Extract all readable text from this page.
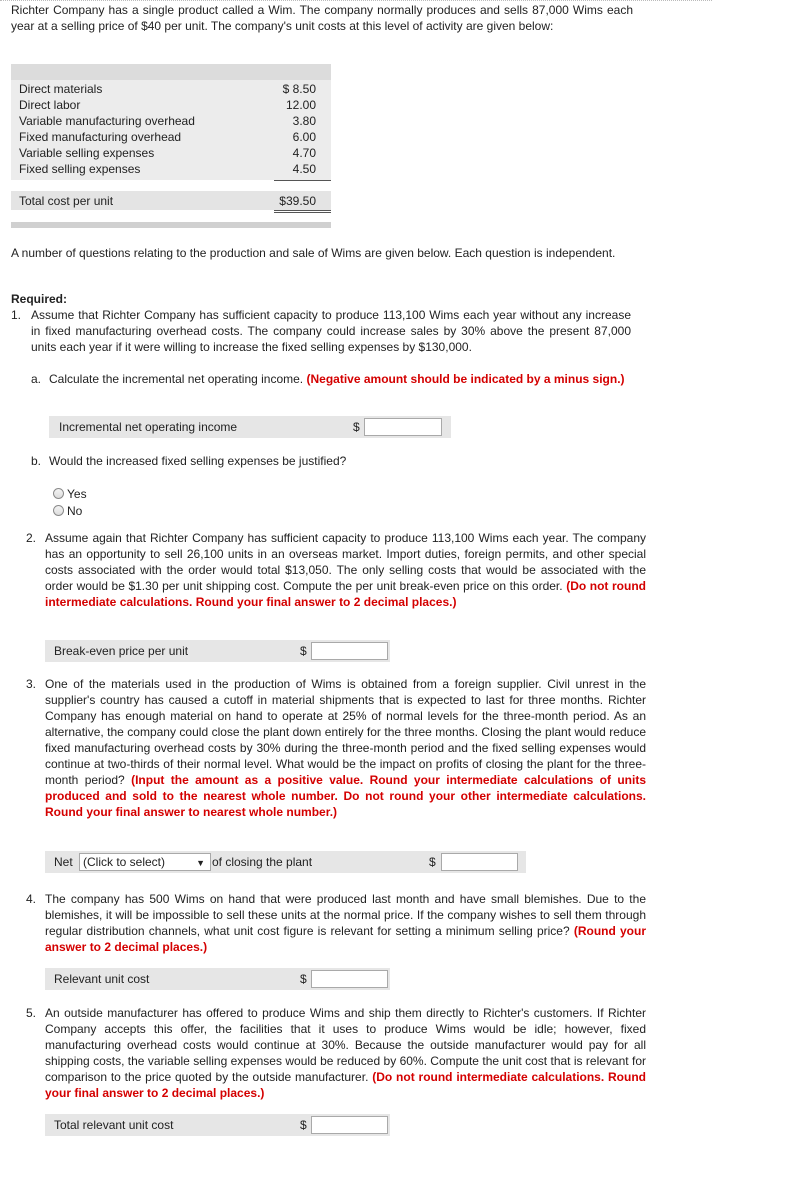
Richter Company has a single product called a Wim. The company normally produces and sells 87,000 Wims each year at a selling price of $40 per unit. The company's unit costs at this level of activity are given below:
Direct materials	$ 8.50
Direct labor	12.00
Variable manufacturing overhead	3.80
Fixed manufacturing overhead	6.00
Variable selling expenses	4.70
Fixed selling expenses	4.50
Total cost per unit	$39.50
A number of questions relating to the production and sale of Wims are given below. Each question is independent.
Required:
1. Assume that Richter Company has sufficient capacity to produce 113,100 Wims each year without any increase in fixed manufacturing overhead costs. The company could increase sales by 30% above the present 87,000 units each year if it were willing to increase the fixed selling expenses by $130,000.
a. Calculate the incremental net operating income. (Negative amount should be indicated by a minus sign.)
Incremental net operating income	$
b. Would the increased fixed selling expenses be justified?
Yes
No
2. Assume again that Richter Company has sufficient capacity to produce 113,100 Wims each year. The company has an opportunity to sell 26,100 units in an overseas market. Import duties, foreign permits, and other special costs associated with the order would total $13,050. The only selling costs that would be associated with the order would be $1.30 per unit shipping cost. Compute the per unit break-even price on this order. (Do not round intermediate calculations. Round your final answer to 2 decimal places.)
Break-even price per unit	$
3. One of the materials used in the production of Wims is obtained from a foreign supplier. Civil unrest in the supplier's country has caused a cutoff in material shipments that is expected to last for three months. Richter Company has enough material on hand to operate at 25% of normal levels for the three-month period. As an alternative, the company could close the plant down entirely for the three months. Closing the plant would reduce fixed manufacturing overhead costs by 30% during the three-month period and the fixed selling expenses would continue at two-thirds of their normal level. What would be the impact on profits of closing the plant for the three-month period? (Input the amount as a positive value. Round your intermediate calculations of units produced and sold to the nearest whole number. Do not round your other intermediate calculations. Round your final answer to nearest whole number.)
Net (Click to select)	▼ of closing the plant	$
4. The company has 500 Wims on hand that were produced last month and have small blemishes. Due to the blemishes, it will be impossible to sell these units at the normal price. If the company wishes to sell them through regular distribution channels, what unit cost figure is relevant for setting a minimum selling price? (Round your answer to 2 decimal places.)
Relevant unit cost	$
5. An outside manufacturer has offered to produce Wims and ship them directly to Richter's customers. If Richter Company accepts this offer, the facilities that it uses to produce Wims would be idle; however, fixed manufacturing overhead costs would continue at 30%. Because the outside manufacturer would pay for all shipping costs, the variable selling expenses would be reduced by 60%. Compute the unit cost that is relevant for comparison to the price quoted by the outside manufacturer. (Do not round intermediate calculations. Round your final answer to 2 decimal places.)
Total relevant unit cost	$
